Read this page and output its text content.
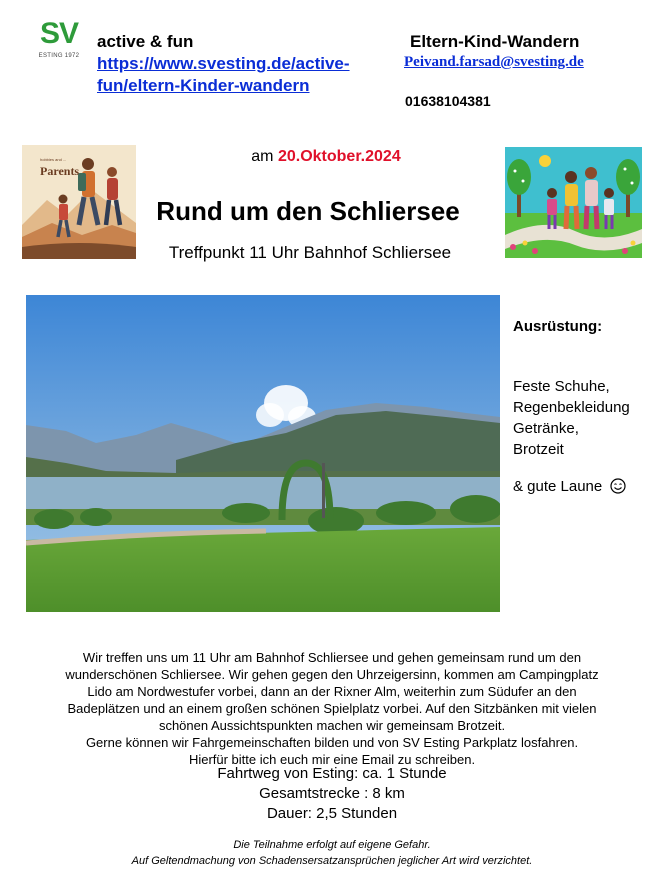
SV
ESTING 1972
active & fun
https://www.svesting.de/active-
fun/eltern-Kinder-wandern
Eltern-Kind-Wandern
Peivand.farsad@svesting.de
01638104381
Parents
hobbies and ...	am 20.Oktober.2024
Rund um den Schliersee
Treffpunkt 11 Uhr Bahnhof Schliersee
Ausrüstung:
Feste Schuhe,
Regenbekleidung
Getränke,
Brotzeit
& gute Laune
Wir treffen uns um 11 Uhr am Bahnhof Schliersee und gehen gemeinsam rund um den
wunderschönen Schliersee. Wir gehen gegen den Uhrzeigersinn, kommen am Campingplatz
Lido am Nordwestufer vorbei, dann an der Rixner Alm, weiterhin zum Südufer an den
Badeplätzen und an einem großen schönen Spielplatz vorbei. Auf den Sitzbänken mit vielen
schönen Aussichtspunkten machen wir gemeinsam Brotzeit.
Gerne können wir Fahrgemeinschaften bilden und von SV Esting Parkplatz losfahren.
Hierfür bitte ich euch mir eine Email zu schreiben.
Fahrtweg von Esting: ca. 1 Stunde
Gesamtstrecke : 8 km
Dauer: 2,5 Stunden
Die Teilnahme erfolgt auf eigene Gefahr.
Auf Geltendmachung von Schadensersatzansprüchen jeglicher Art wird verzichtet.
